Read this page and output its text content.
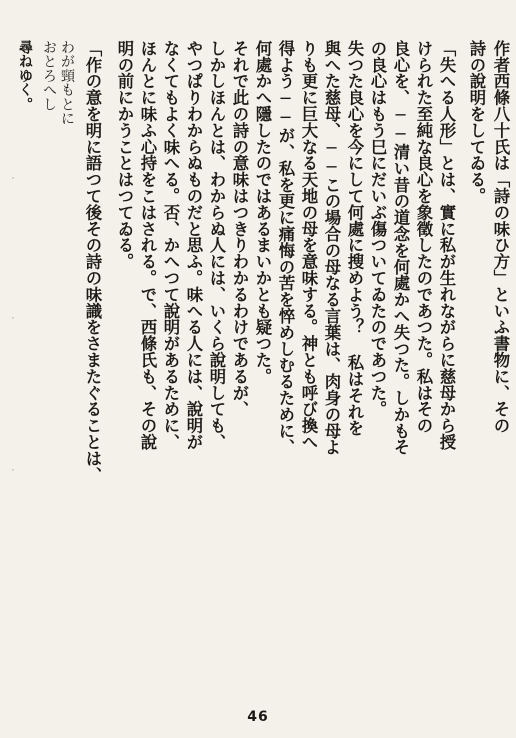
作者西條八十氏は「詩の味ひ方」といふ書物に、その
詩の說明をしてゐる。
「失へる人形」とは、實に私が生れながらに慈母から授
けられた至純な良心を象徵したのであつた。私はその
良心を、──清い昔の道念を何處かへ失つた。しかもそ
の良心はもう巳にだいぶ傷ついてゐたのであつた。
失つた良心を今にして何處に搜めよう？ 私はそれを
與へた慈母、──この場合の母なる言葉は、肉身の母よ
りも更に巨大なる天地の母を意味する。神とも呼び換へ
得よう──が、私を更に痛悔の苦を悴めしむるために、
何處かへ隱したのではあるまいかとも疑つた。
それで此の詩の意味はつきりわかるわけであるが、
しかしほんとは、わからぬ人には、いくら說明しても、
やつぱりわからぬものだと思ふ。味へる人には、說明が
なくてもよく味へる。否、かへつて說明があるために、
ほんとに味ふ心持をこはされる。で、西條氏も、その說
明の前にかうことはつてゐる。
「作の意を明に語つて後その詩の味識をさまたぐることは、
尋ねゆく。 おとろへし わが頸もとに
′
′
′
46
